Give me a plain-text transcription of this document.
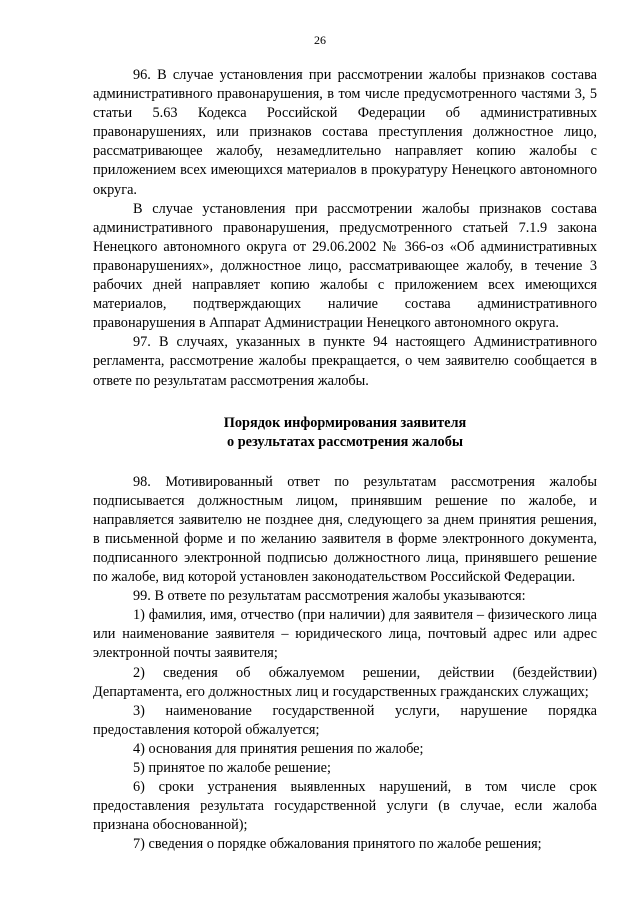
26

96. В случае установления при рассмотрении жалобы признаков состава административного правонарушения, в том числе предусмотренного частями 3, 5 статьи 5.63 Кодекса Российской Федерации об административных правонарушениях, или признаков состава преступления должностное лицо, рассматривающее жалобу, незамедлительно направляет копию жалобы с приложением всех имеющихся материалов в прокуратуру Ненецкого автономного округа.

В случае установления при рассмотрении жалобы признаков состава административного правонарушения, предусмотренного статьей 7.1.9 закона Ненецкого автономного округа от 29.06.2002 № 366-оз «Об административных правонарушениях», должностное лицо, рассматривающее жалобу, в течение 3 рабочих дней направляет копию жалобы с приложением всех имеющихся материалов, подтверждающих наличие состава административного правонарушения в Аппарат Администрации Ненецкого автономного округа.

97. В случаях, указанных в пункте 94 настоящего Административного регламента, рассмотрение жалобы прекращается, о чем заявителю сообщается в ответе по результатам рассмотрения жалобы.

Порядок информирования заявителя
о результатах рассмотрения жалобы

98. Мотивированный ответ по результатам рассмотрения жалобы подписывается должностным лицом, принявшим решение по жалобе, и направляется заявителю не позднее дня, следующего за днем принятия решения, в письменной форме и по желанию заявителя в форме электронного документа, подписанного электронной подписью должностного лица, принявшего решение по жалобе, вид которой установлен законодательством Российской Федерации.

99. В ответе по результатам рассмотрения жалобы указываются:

1) фамилия, имя, отчество (при наличии) для заявителя – физического лица или наименование заявителя – юридического лица, почтовый адрес или адрес электронной почты заявителя;

2) сведения об обжалуемом решении, действии (бездействии) Департамента, его должностных лиц и государственных гражданских служащих;

3) наименование государственной услуги, нарушение порядка предоставления которой обжалуется;

4) основания для принятия решения по жалобе;

5) принятое по жалобе решение;

6) сроки устранения выявленных нарушений, в том числе срок предоставления результата государственной услуги (в случае, если жалоба признана обоснованной);

7) сведения о порядке обжалования принятого по жалобе решения;
